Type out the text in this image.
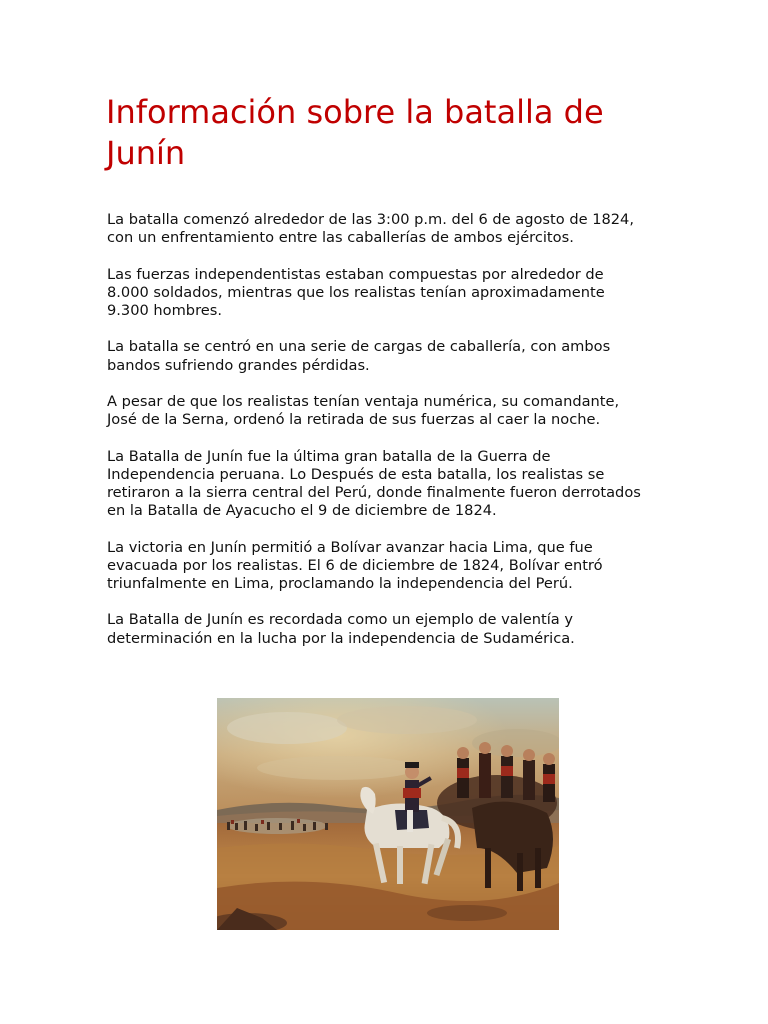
Información sobre la batalla de
Junín

La batalla comenzó alrededor de las 3:00 p.m. del 6 de agosto de 1824,
con un enfrentamiento entre las caballerías de ambos ejércitos.

Las fuerzas independentistas estaban compuestas por alrededor de
8.000 soldados, mientras que los realistas tenían aproximadamente
9.300 hombres.

La batalla se centró en una serie de cargas de caballería, con ambos
bandos sufriendo grandes pérdidas.

A pesar de que los realistas tenían ventaja numérica, su comandante,
José de la Serna, ordenó la retirada de sus fuerzas al caer la noche.

La Batalla de Junín fue la última gran batalla de la Guerra de
Independencia peruana. Lo Después de esta batalla, los realistas se
retiraron a la sierra central del Perú, donde finalmente fueron derrotados
en la Batalla de Ayacucho el 9 de diciembre de 1824.

La victoria en Junín permitió a Bolívar avanzar hacia Lima, que fue
evacuada por los realistas. El 6 de diciembre de 1824, Bolívar entró
triunfalmente en Lima, proclamando la independencia del Perú.

La Batalla de Junín es recordada como un ejemplo de valentía y
determinación en la lucha por la independencia de Sudamérica.
